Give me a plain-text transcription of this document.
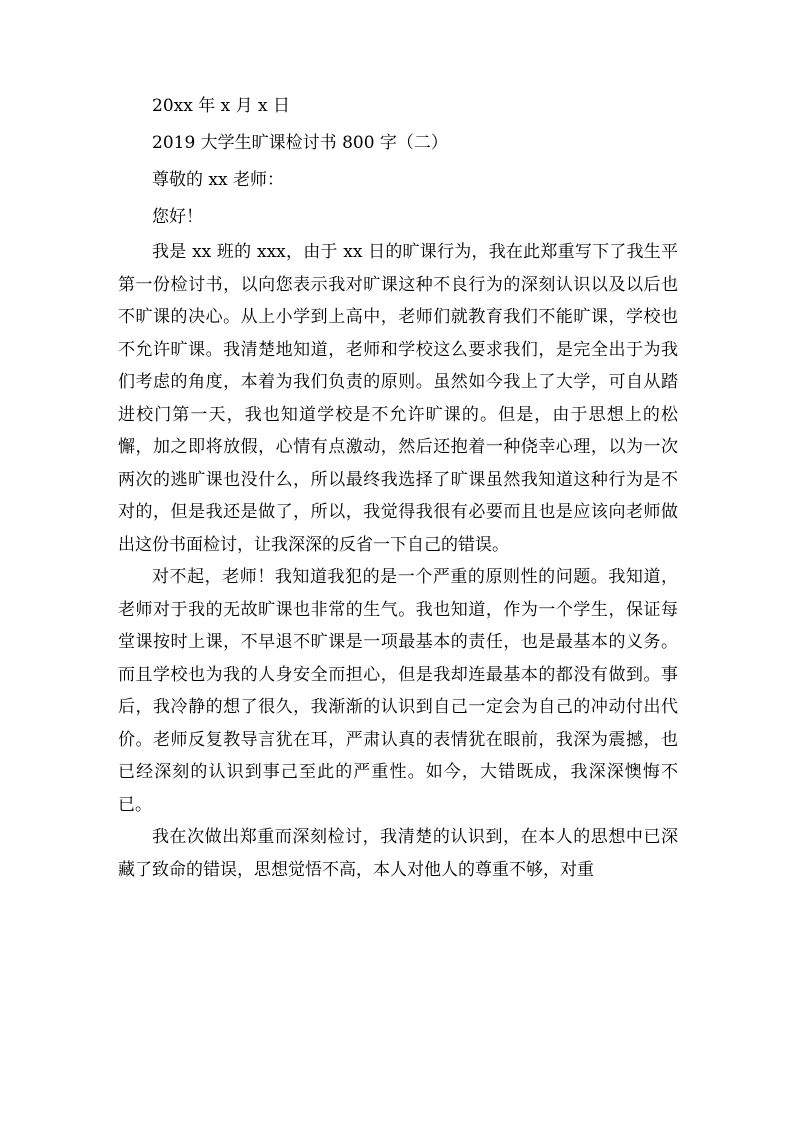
20xx 年 x 月 x 日
2019 大学生旷课检讨书 800 字（二）
尊敬的 xx 老师：
您好！

我是 xx 班的 xxx，由于 xx 日的旷课行为，我在此郑重写下了我生平第一份检讨书，以向您表示我对旷课这种不良行为的深刻认识以及以后也不旷课的决心。从上小学到上高中，老师们就教育我们不能旷课，学校也不允许旷课。我清楚地知道，老师和学校这么要求我们，是完全出于为我们考虑的角度，本着为我们负责的原则。虽然如今我上了大学，可自从踏进校门第一天，我也知道学校是不允许旷课的。但是，由于思想上的松懈，加之即将放假，心情有点激动，然后还抱着一种侥幸心理，以为一次两次的逃旷课也没什么，所以最终我选择了旷课虽然我知道这种行为是不对的，但是我还是做了，所以，我觉得我很有必要而且也是应该向老师做出这份书面检讨，让我深深的反省一下自己的错误。

对不起，老师！我知道我犯的是一个严重的原则性的问题。我知道，老师对于我的无故旷课也非常的生气。我也知道，作为一个学生，保证每堂课按时上课，不早退不旷课是一项最基本的责任，也是最基本的义务。而且学校也为我的人身安全而担心，但是我却连最基本的都没有做到。事后，我冷静的想了很久，我渐渐的认识到自己一定会为自己的冲动付出代价。老师反复教导言犹在耳，严肃认真的表情犹在眼前，我深为震撼，也已经深刻的认识到事己至此的严重性。如今，大错既成，我深深懊悔不已。

我在次做出郑重而深刻检讨，我清楚的认识到，在本人的思想中已深藏了致命的错误，思想觉悟不高，本人对他人的尊重不够，对重
